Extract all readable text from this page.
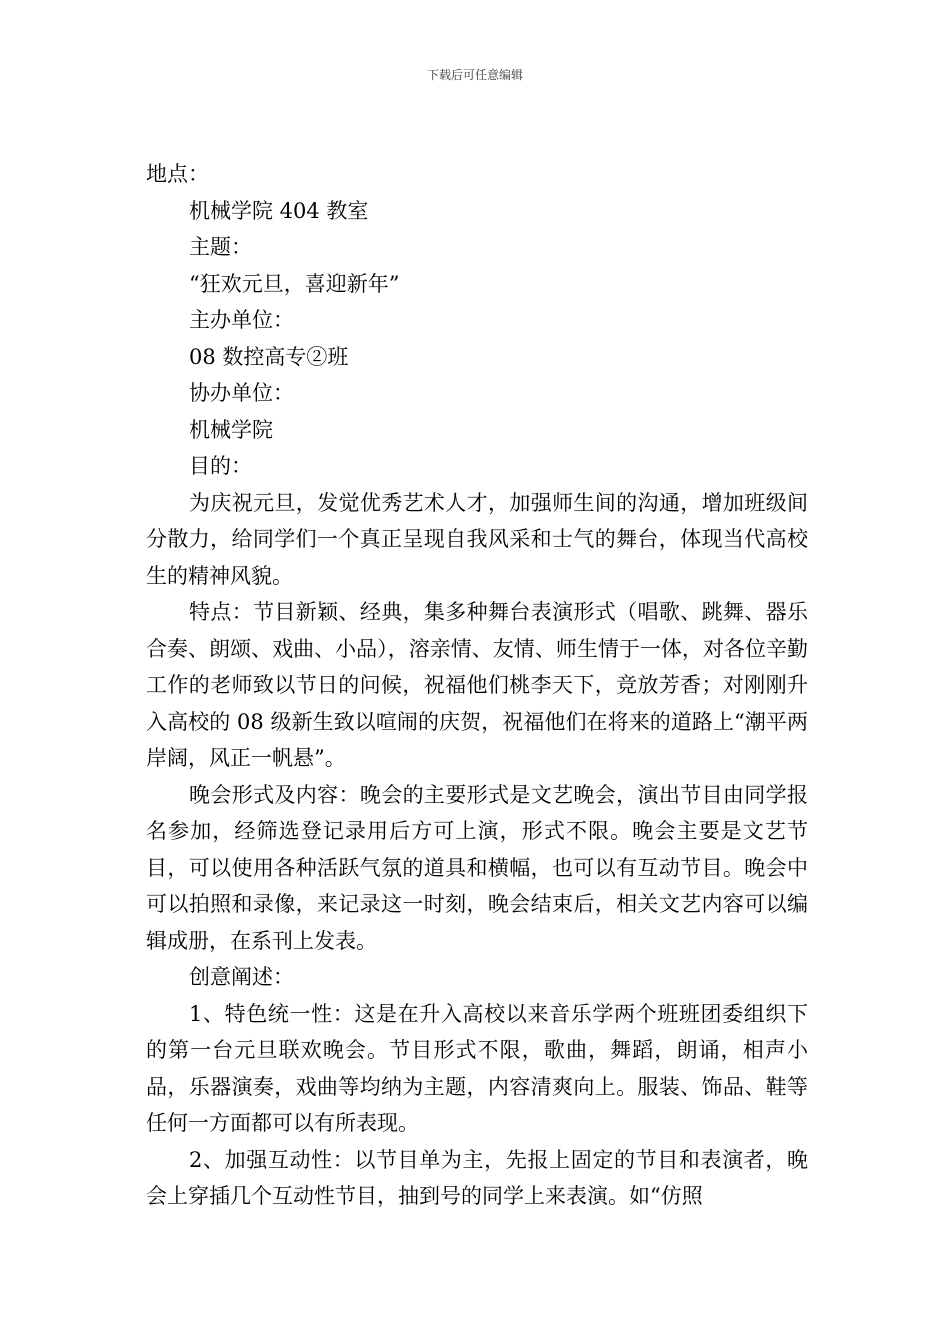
下载后可任意编辑

地点：

机械学院 404 教室

主题：

“狂欢元旦，喜迎新年”

主办单位：

08 数控高专②班

协办单位：

机械学院

目的：

为庆祝元旦，发觉优秀艺术人才，加强师生间的沟通，增加班级间分散力，给同学们一个真正呈现自我风采和士气的舞台，体现当代高校生的精神风貌。

特点：节目新颖、经典，集多种舞台表演形式（唱歌、跳舞、器乐合奏、朗颂、戏曲、小品），溶亲情、友情、师生情于一体，对各位辛勤工作的老师致以节日的问候，祝福他们桃李天下，竞放芳香；对刚刚升入高校的 08 级新生致以喧闹的庆贺，祝福他们在将来的道路上“潮平两岸阔，风正一帆悬”。

晚会形式及内容：晚会的主要形式是文艺晚会，演出节目由同学报名参加，经筛选登记录用后方可上演，形式不限。晚会主要是文艺节目，可以使用各种活跃气氛的道具和横幅，也可以有互动节目。晚会中可以拍照和录像，来记录这一时刻，晚会结束后，相关文艺内容可以编辑成册，在系刊上发表。

创意阐述：

1、特色统一性：这是在升入高校以来音乐学两个班班团委组织下的第一台元旦联欢晚会。节目形式不限，歌曲，舞蹈，朗诵，相声小品，乐器演奏，戏曲等均纳为主题，内容清爽向上。服装、饰品、鞋等任何一方面都可以有所表现。

2、加强互动性：以节目单为主，先报上固定的节目和表演者，晚会上穿插几个互动性节目，抽到号的同学上来表演。如“仿照
